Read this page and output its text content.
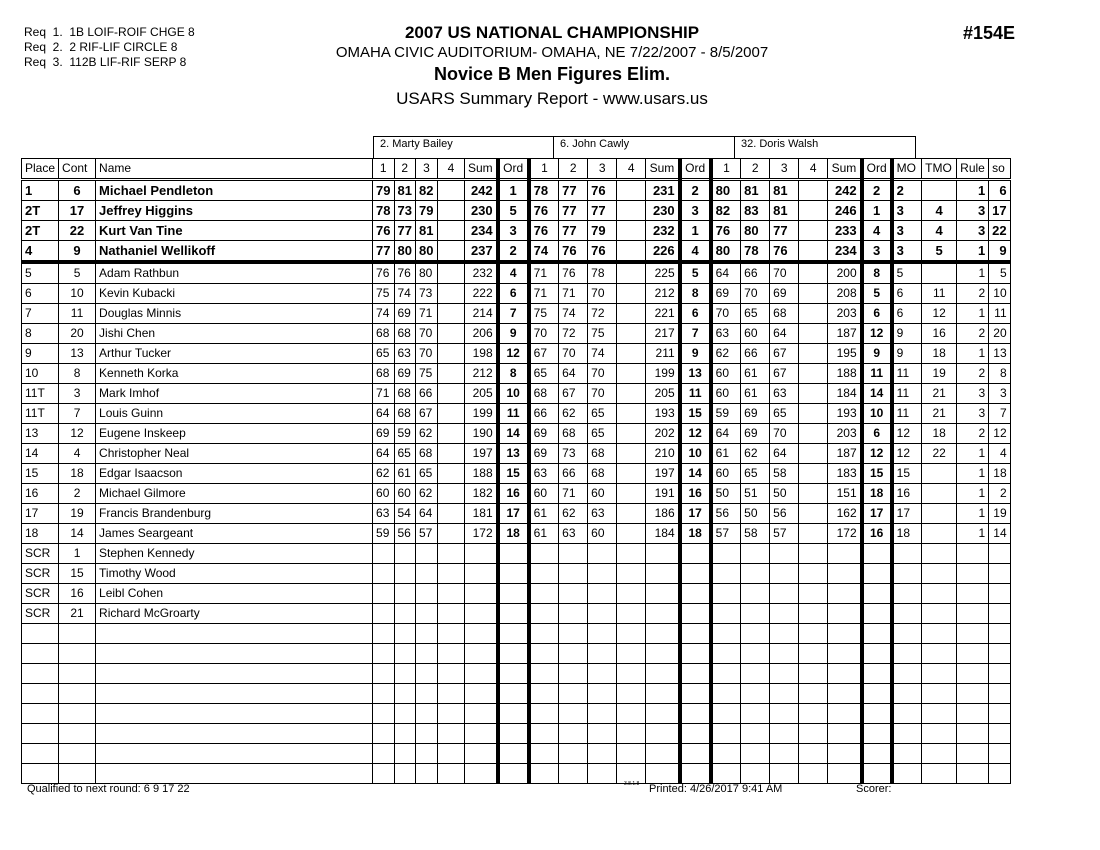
Req  1.  1B LOIF-ROIF CHGE 8
Req  2.  2 RIF-LIF CIRCLE 8
Req  3.  112B LIF-RIF SERP 8
2007 US NATIONAL CHAMPIONSHIP
OMAHA CIVIC AUDITORIUM- OMAHA, NE 7/22/2007 - 8/5/2007
Novice B Men Figures Elim.
USARS Summary Report - www.usars.us
#154E
2. Marty Bailey	6. John Cawly	32. Doris Walsh
Place	Cont	Name	1	2	3	4	Sum	Ord	1	2	3	4	Sum	Ord	1	2	3	4	Sum	Ord	MO	TMO	Rule	so
1	6	Michael Pendleton	79	81	82		242	1	78	77	76		231	2	80	81	81		242	2	2		1	6
2T	17	Jeffrey Higgins	78	73	79		230	5	76	77	77		230	3	82	83	81		246	1	3	4	3	17
2T	22	Kurt Van Tine	76	77	81		234	3	76	77	79		232	1	76	80	77		233	4	3	4	3	22
4	9	Nathaniel Wellikoff	77	80	80		237	2	74	76	76		226	4	80	78	76		234	3	3	5	1	9
5	5	Adam Rathbun	76	76	80		232	4	71	76	78		225	5	64	66	70		200	8	5		1	5
6	10	Kevin Kubacki	75	74	73		222	6	71	71	70		212	8	69	70	69		208	5	6	11	2	10
7	11	Douglas Minnis	74	69	71		214	7	75	74	72		221	6	70	65	68		203	6	6	12	1	11
8	20	Jishi Chen	68	68	70		206	9	70	72	75		217	7	63	60	64		187	12	9	16	2	20
9	13	Arthur Tucker	65	63	70		198	12	67	70	74		211	9	62	66	67		195	9	9	18	1	13
10	8	Kenneth Korka	68	69	75		212	8	65	64	70		199	13	60	61	67		188	11	11	19	2	8
11T	3	Mark Imhof	71	68	66		205	10	68	67	70		205	11	60	61	63		184	14	11	21	3	3
11T	7	Louis Guinn	64	68	67		199	11	66	62	65		193	15	59	69	65		193	10	11	21	3	7
13	12	Eugene Inskeep	69	59	62		190	14	69	68	65		202	12	64	69	70		203	6	12	18	2	12
14	4	Christopher Neal	64	65	68		197	13	69	73	68		210	10	61	62	64		187	12	12	22	1	4
15	18	Edgar Isaacson	62	61	65		188	15	63	66	68		197	14	60	65	58		183	15	15		1	18
16	2	Michael Gilmore	60	60	62		182	16	60	71	60		191	16	50	51	50		151	18	16		1	2
17	19	Francis Brandenburg	63	54	64		181	17	61	62	63		186	17	56	50	56		162	17	17		1	19
18	14	James Seargeant	59	56	57		172	18	61	63	60		184	18	57	58	57		172	16	18		1	14
SCR	1	Stephen Kennedy																						
SCR	15	Timothy Wood																						
SCR	16	Leibl Cohen																						
SCR	21	Richard McGroarty																						

Qualified to next round: 6 9 17 22	3.8.1.8 Printed: 4/26/2017 9:41 AM	Scorer:
